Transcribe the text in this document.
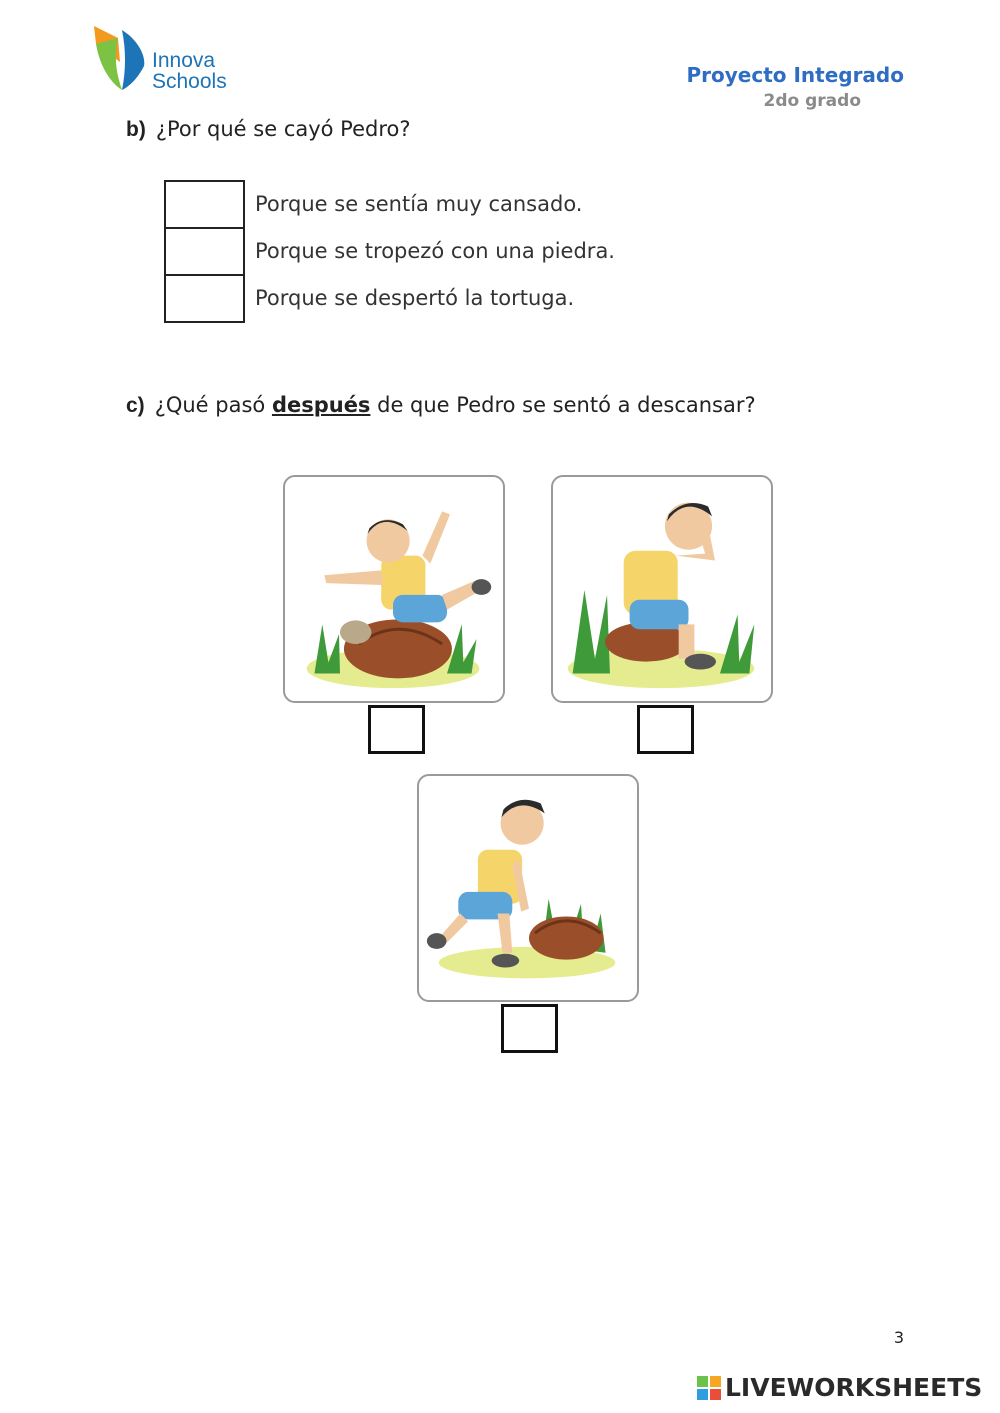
Innova
Schools	Proyecto Integrado
2do grado
b) ¿Por qué se cayó Pedro?
Porque se sentía muy cansado.
Porque se tropezó con una piedra.
Porque se despertó la tortuga.
c) ¿Qué pasó después de que Pedro se sentó a descansar?
3
LIVEWORKSHEETS
